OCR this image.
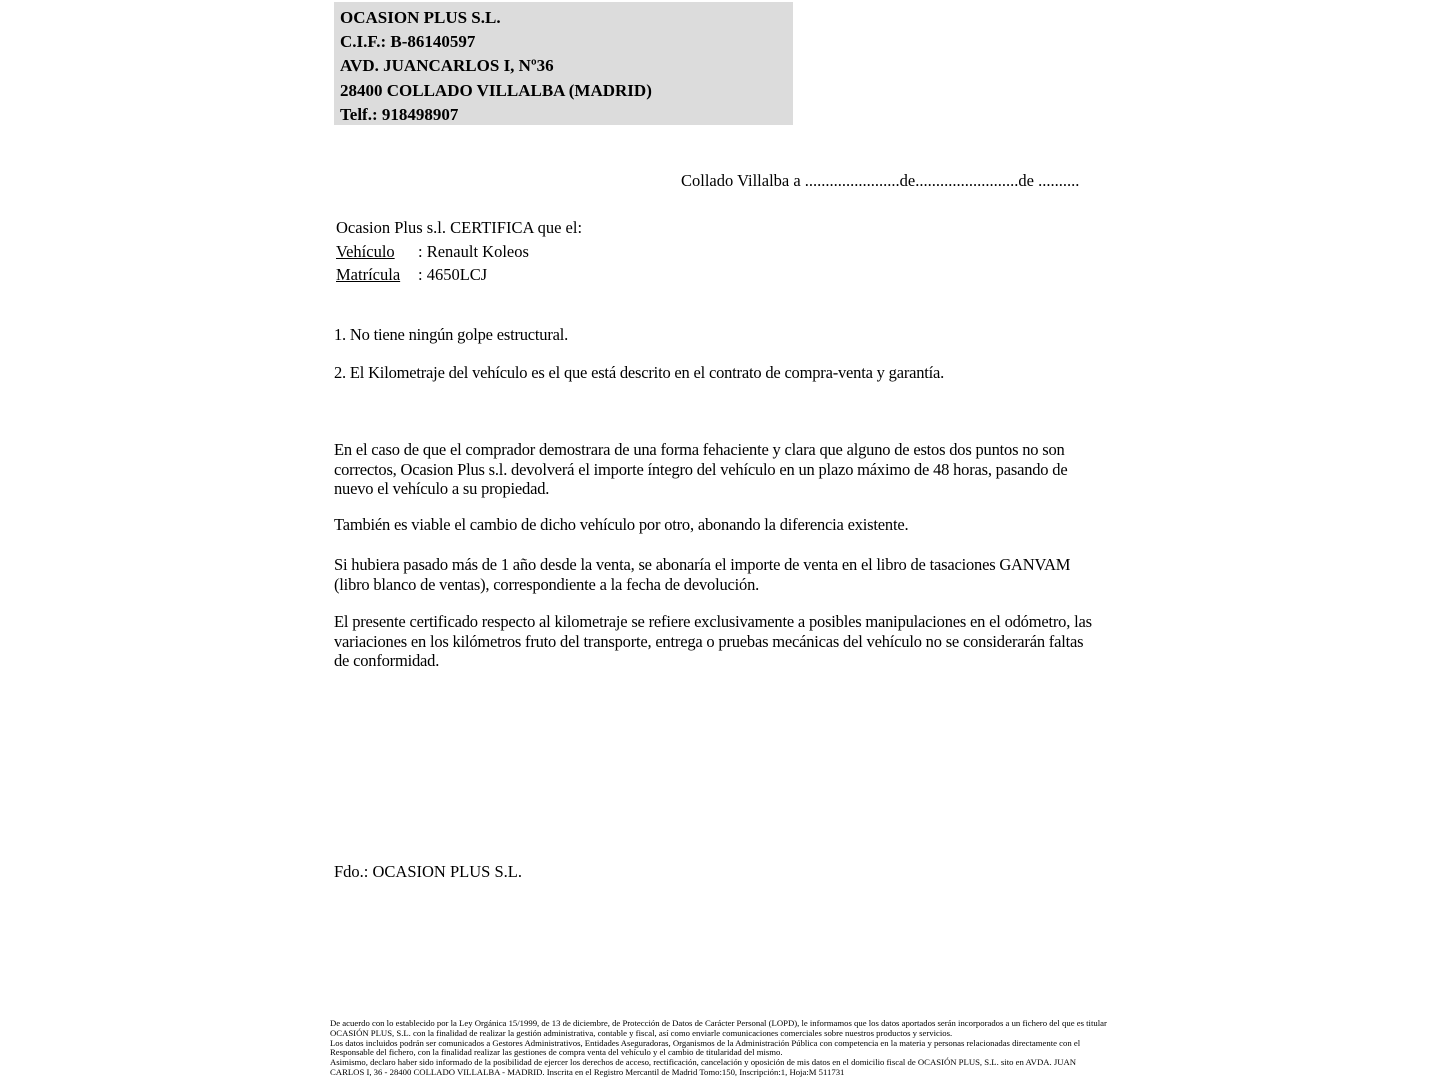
OCASION PLUS S.L.
C.I.F.: B-86140597
AVD. JUANCARLOS I, Nº36
28400 COLLADO VILLALBA (MADRID)
Telf.: 918498907
Collado Villalba a .......................de.........................de ..........
Ocasion Plus s.l. CERTIFICA que el:
Vehículo : Renault Koleos
Matrícula : 4650LCJ
1. No tiene ningún golpe estructural.
2. El Kilometraje del vehículo es el que está descrito en el contrato de compra-venta y garantía.
En el caso de que el comprador demostrara de una forma fehaciente y clara que alguno de estos dos puntos no son correctos, Ocasion Plus s.l. devolverá el importe íntegro del vehículo en un plazo máximo de 48 horas, pasando de nuevo el vehículo a su propiedad.
También es viable el cambio de dicho vehículo por otro, abonando la diferencia existente.
Si hubiera pasado más de 1 año desde la venta, se abonaría el importe de venta en el libro de tasaciones GANVAM (libro blanco de ventas), correspondiente a la fecha de devolución.
El presente certificado respecto al kilometraje se refiere exclusivamente a posibles manipulaciones en el odómetro, las variaciones en los kilómetros fruto del transporte, entrega o pruebas mecánicas del vehículo no se considerarán faltas de conformidad.
Fdo.: OCASION PLUS S.L.
De acuerdo con lo establecido por la Ley Orgánica 15/1999, de 13 de diciembre, de Protección de Datos de Carácter Personal (LOPD), le informamos que los datos aportados serán incorporados a un fichero del que es titular
OCASIÓN PLUS, S.L. con la finalidad de realizar la gestión administrativa, contable y fiscal, así como enviarle comunicaciones comerciales sobre nuestros productos y servicios.
Los datos incluidos podrán ser comunicados a Gestores Administrativos, Entidades Aseguradoras, Organismos de la Administración Pública con competencia en la materia y personas relacionadas directamente con el
Responsable del fichero, con la finalidad realizar las gestiones de compra venta del vehículo y el cambio de titularidad del mismo.
Asimismo, declaro haber sido informado de la posibilidad de ejercer los derechos de acceso, rectificación, cancelación y oposición de mis datos en el domicilio fiscal de OCASIÓN PLUS, S.L. sito en AVDA. JUAN
CARLOS I, 36 - 28400 COLLADO VILLALBA - MADRID. Inscrita en el Registro Mercantil de Madrid Tomo:150, Inscripción:1, Hoja:M 511731
